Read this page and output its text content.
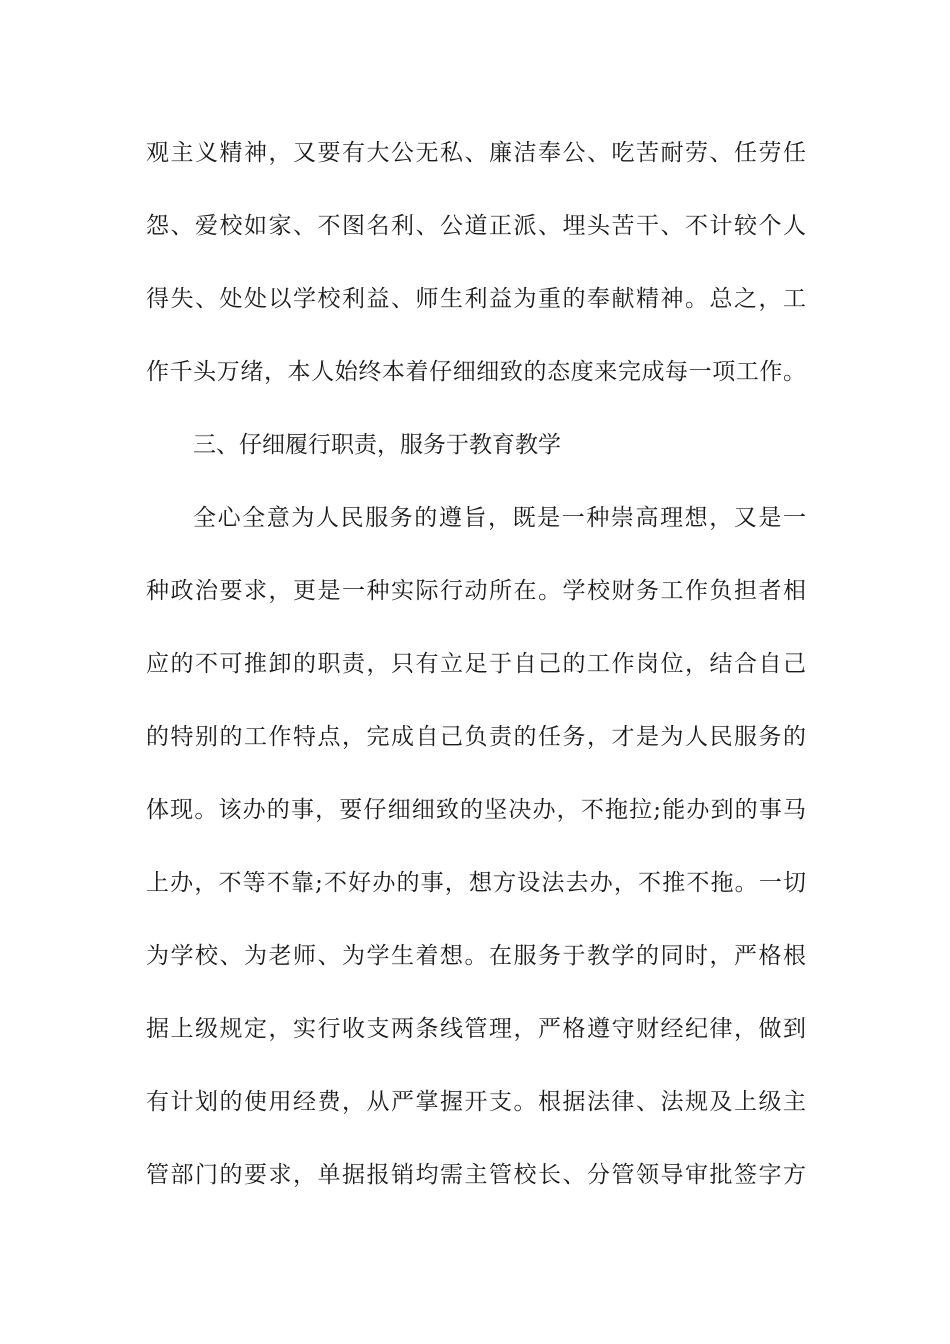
观主义精神，又要有大公无私、廉洁奉公、吃苦耐劳、任劳任
怨、爱校如家、不图名利、公道正派、埋头苦干、不计较个人
得失、处处以学校利益、师生利益为重的奉献精神。总之，工
作千头万绪，本人始终本着仔细细致的态度来完成每一项工作。
三、仔细履行职责，服务于教育教学
全心全意为人民服务的遵旨，既是一种崇高理想，又是一
种政治要求，更是一种实际行动所在。学校财务工作负担者相
应的不可推卸的职责，只有立足于自己的工作岗位，结合自己
的特别的工作特点，完成自己负责的任务，才是为人民服务的
体现。该办的事，要仔细细致的坚决办，不拖拉;能办到的事马
上办，不等不靠;不好办的事，想方设法去办，不推不拖。一切
为学校、为老师、为学生着想。在服务于教学的同时，严格根
据上级规定，实行收支两条线管理，严格遵守财经纪律，做到
有计划的使用经费，从严掌握开支。根据法律、法规及上级主
管部门的要求，单据报销均需主管校长、分管领导审批签字方
